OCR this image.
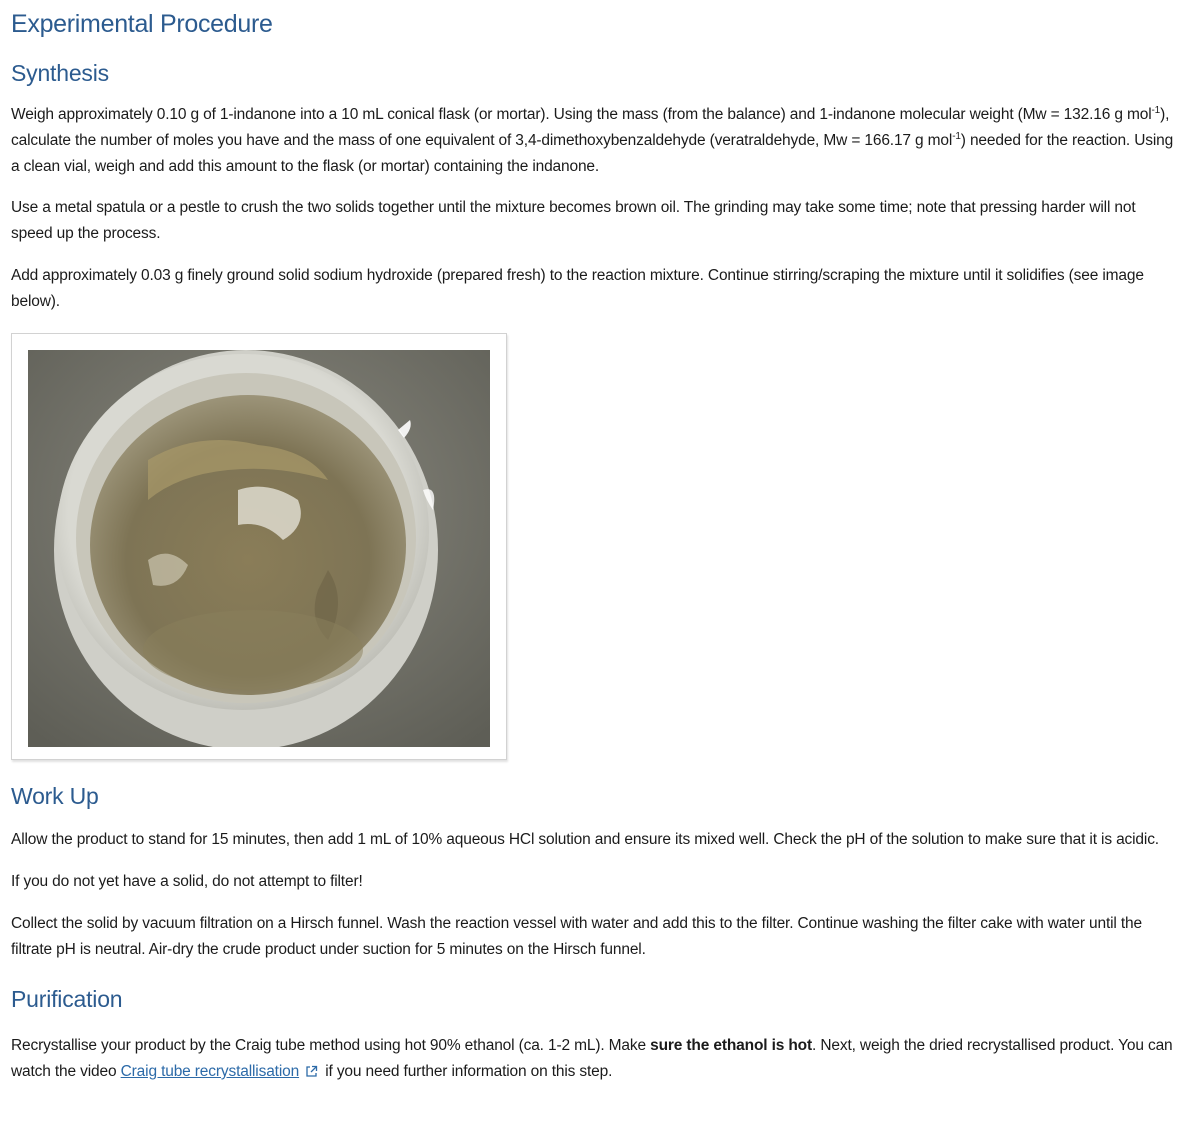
Experimental Procedure
Synthesis

Weigh approximately 0.10 g of 1-indanone into a 10 mL conical flask (or mortar). Using the mass (from the balance) and 1-indanone molecular weight (Mw = 132.16 g mol$^{-1}$), calculate the number of moles you have and the mass of one equivalent of 3,4-dimethoxybenzaldehyde (veratraldehyde, Mw = 166.17 g mol$^{-1}$) needed for the reaction. Using a clean vial, weigh and add this amount to the flask (or mortar) containing the indanone.

Use a metal spatula or a pestle to crush the two solids together until the mixture becomes brown oil. The grinding may take some time; note that pressing harder will not speed up the process.

Add approximately 0.03 g finely ground solid sodium hydroxide (prepared fresh) to the reaction mixture. Continue stirring/scraping the mixture until it solidifies (see image below).

Work Up

Allow the product to stand for 15 minutes, then add 1 mL of 10% aqueous HCl solution and ensure its mixed well. Check the pH of the solution to make sure that it is acidic.

If you do not yet have a solid, do not attempt to filter!

Collect the solid by vacuum filtration on a Hirsch funnel. Wash the reaction vessel with water and add this to the filter. Continue washing the filter cake with water until the filtrate pH is neutral. Air-dry the crude product under suction for 5 minutes on the Hirsch funnel.

Purification

Recrystallise your product by the Craig tube method using hot 90% ethanol (ca. 1-2 mL). Make sure the ethanol is hot. Next, weigh the dried recrystallised product. You can watch the video Craig tube recrystallisation if you need further information on this step.
